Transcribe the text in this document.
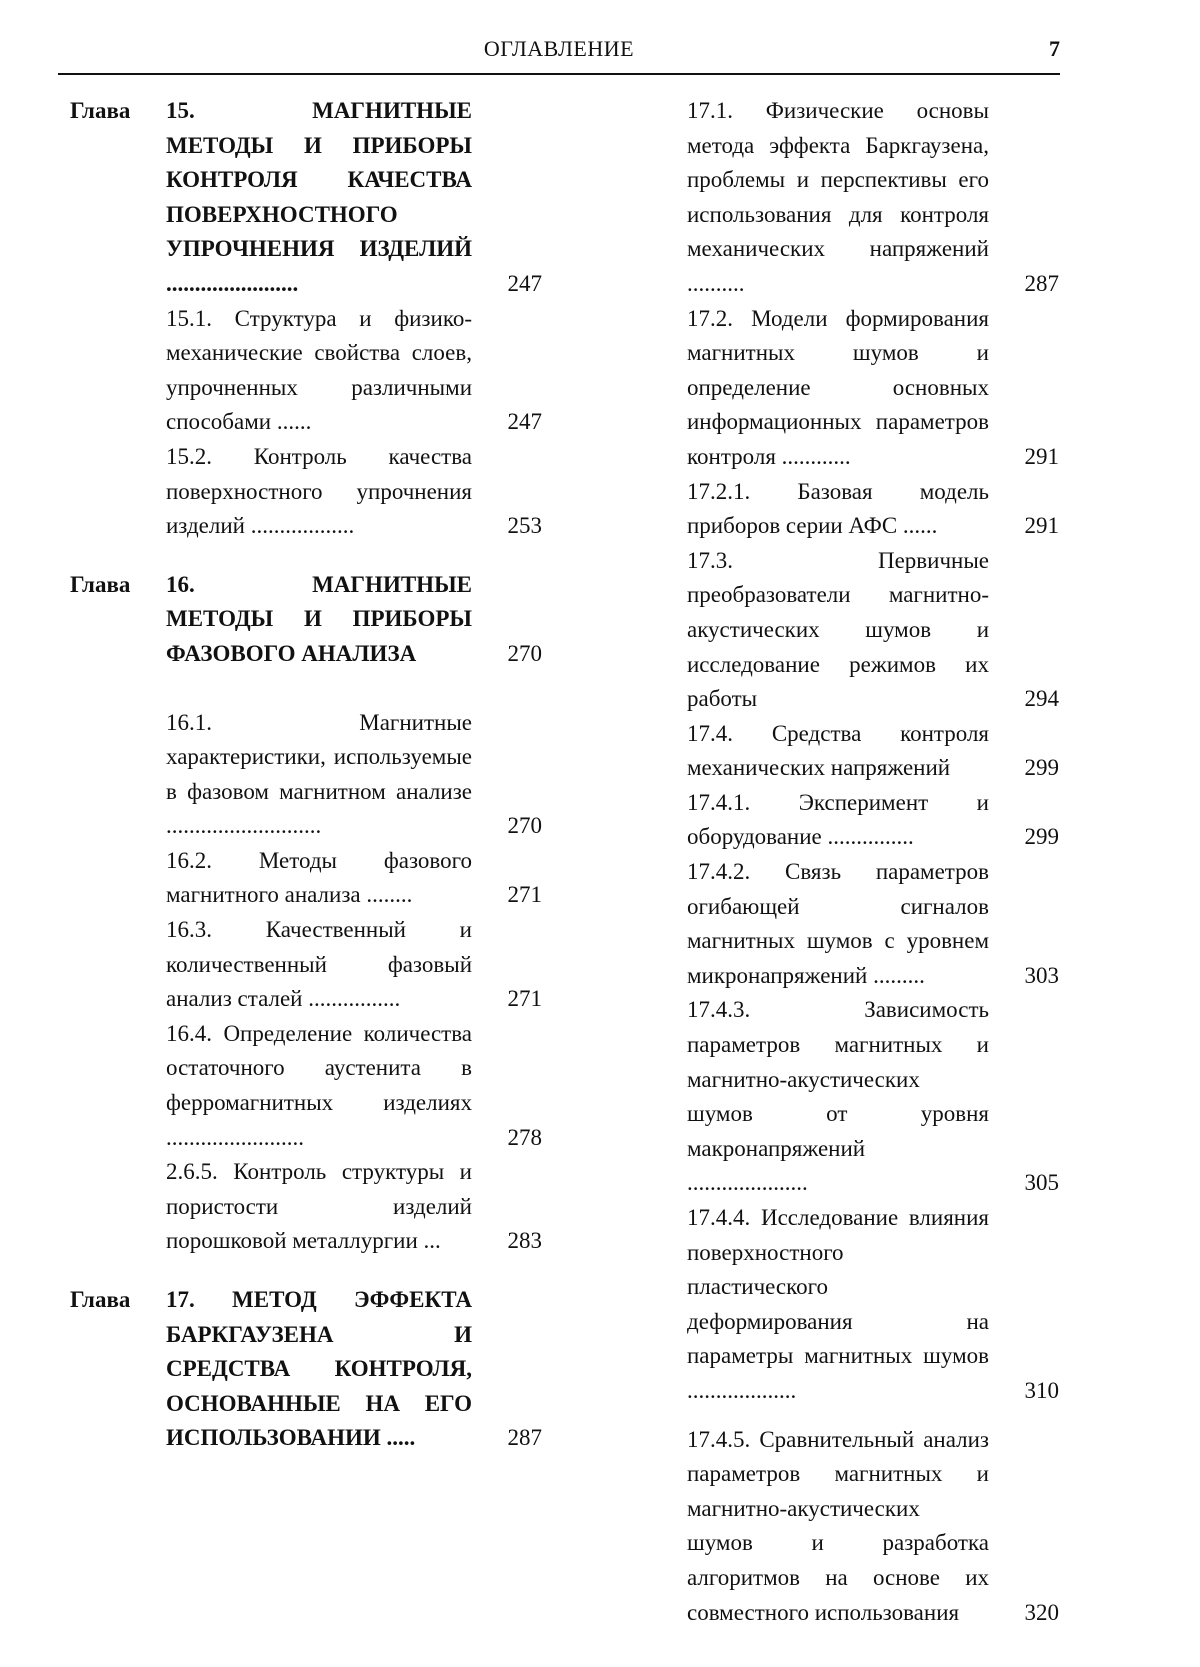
ОГЛАВЛЕНИЕ	7
Глава	15. МАГНИТНЫЕ МЕТОДЫ И ПРИБОРЫ КОНТРОЛЯ КАЧЕСТВА ПОВЕРХНОСТНОГО УПРОЧНЕНИЯ ИЗДЕЛИЙ .......................	247
15.1. Структура и физико-механические свойства слоев, упрочненных различными способами ......	247
15.2. Контроль качества поверхностного упрочнения изделий ..................	253
Глава	16. МАГНИТНЫЕ МЕТОДЫ И ПРИБОРЫ ФАЗОВОГО АНАЛИЗА	270
16.1. Магнитные характеристики, используемые в фазовом магнитном анализе ...........................	270
16.2. Методы фазового магнитного анализа ........	271
16.3. Качественный и количественный фазовый анализ сталей ................	271
16.4. Определение количества остаточного аустенита в ферромагнитных изделиях ........................	278
2.6.5. Контроль структуры и пористости изделий порошковой металлургии ...	283
Глава	17. МЕТОД ЭФФЕКТА БАРКГАУЗЕНА И СРЕДСТВА КОНТРОЛЯ, ОСНОВАННЫЕ НА ЕГО ИСПОЛЬЗОВАНИИ .....	287
17.1. Физические основы метода эффекта Баркгаузена, проблемы и перспективы его использования для контроля механических напряжений ..........	287
17.2. Модели формирования магнитных шумов и определение основных информационных параметров контроля ............	291
17.2.1. Базовая модель приборов серии АФС ......	291
17.3. Первичные преобразователи магнитно-акустических шумов и исследование режимов их работы	294
17.4. Средства контроля механических напряжений	299
17.4.1. Эксперимент и оборудование ...............	299
17.4.2. Связь параметров огибающей сигналов магнитных шумов с уровнем микронапряжений .........	303
17.4.3. Зависимость параметров магнитных и магнитно-акустических шумов от уровня макронапряжений .....................	305
17.4.4. Исследование влияния поверхностного пластического деформирования на параметры магнитных шумов ...................	310
17.4.5. Сравнительный анализ параметров магнитных и магнитно-акустических шумов и разработка алгоритмов на основе их совместного использования	320
